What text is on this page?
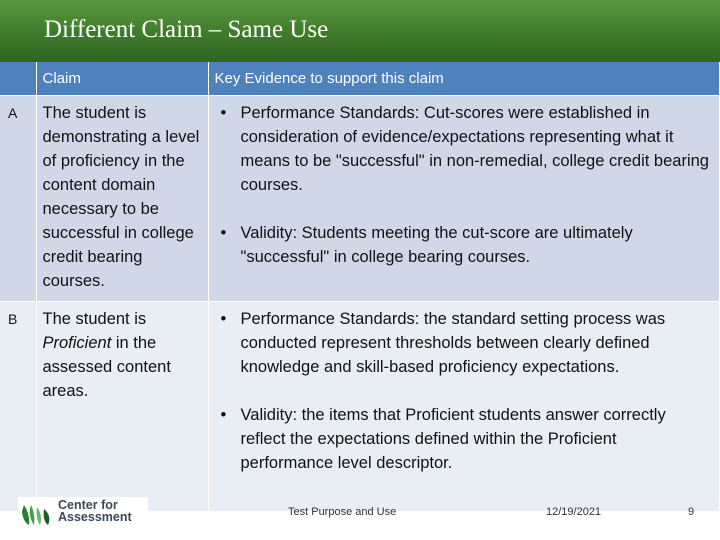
Different Claim – Same Use
	Claim	Key Evidence to support this claim
A	The student is demonstrating a level of proficiency in the content domain necessary to be successful in college credit bearing courses.	• Performance Standards: Cut-scores were established in consideration of evidence/expectations representing what it means to be "successful" in non-remedial, college credit bearing courses.
• Validity: Students meeting the cut-score are ultimately "successful" in college bearing courses.

B	The student is Proficient in the assessed content areas.	• Performance Standards: the standard setting process was conducted represent thresholds between clearly defined knowledge and skill-based proficiency expectations.
• Validity: the items that Proficient students answer correctly reflect the expectations defined within the Proficient performance level descriptor.
Center for
Assessment	Test Purpose and Use	12/19/2021	9
